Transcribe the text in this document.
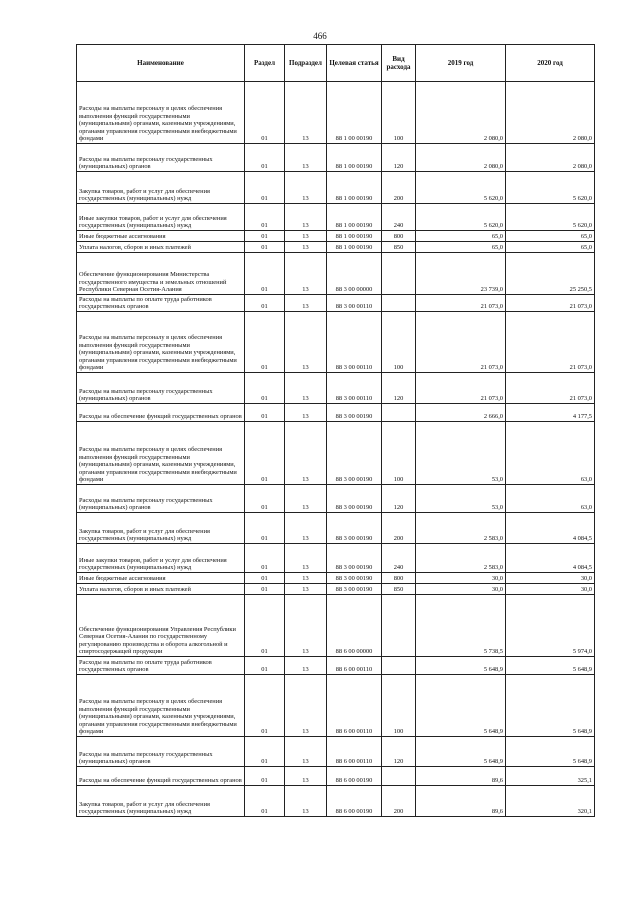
466
Наименование	Раздел	Подраздел	Целевая статья	Вид расхода	2019 год	2020 год
Расходы на выплаты персоналу в целях обеспечения выполнения функций государственными (муниципальными) органами, казенными учреждениями, органами управления государственными внебюджетными фондами	01	13	88 1 00 00190	100	2 080,0	2 080,0
Расходы на выплаты персоналу государственных (муниципальных) органов	01	13	88 1 00 00190	120	2 080,0	2 080,0
Закупка товаров, работ и услуг для обеспечения государственных (муниципальных) нужд	01	13	88 1 00 00190	200	5 620,0	5 620,0
Иные закупки товаров, работ и услуг для обеспечения государственных (муниципальных) нужд	01	13	88 1 00 00190	240	5 620,0	5 620,0
Иные бюджетные ассигнования	01	13	88 1 00 00190	800	65,0	65,0
Уплата налогов, сборов и иных платежей	01	13	88 1 00 00190	850	65,0	65,0
Обеспечение функционирования Министерства государственного имущества и земельных отношений Республики Северная Осетия-Алания	01	13	88 3 00 00000		23 739,0	25 250,5
Расходы на выплаты по оплате труда работников государственных органов	01	13	88 3 00 00110		21 073,0	21 073,0
Расходы на выплаты персоналу в целях обеспечения выполнения функций государственными (муниципальными) органами, казенными учреждениями, органами управления государственными внебюджетными фондами	01	13	88 3 00 00110	100	21 073,0	21 073,0
Расходы на выплаты персоналу государственных (муниципальных) органов	01	13	88 3 00 00110	120	21 073,0	21 073,0
Расходы на обеспечение функций государственных органов	01	13	88 3 00 00190		2 666,0	4 177,5
Расходы на выплаты персоналу в целях обеспечения выполнения функций государственными (муниципальными) органами, казенными учреждениями, органами управления государственными внебюджетными фондами	01	13	88 3 00 00190	100	53,0	63,0
Расходы на выплаты персоналу государственных (муниципальных) органов	01	13	88 3 00 00190	120	53,0	63,0
Закупка товаров, работ и услуг для обеспечения государственных (муниципальных) нужд	01	13	88 3 00 00190	200	2 583,0	4 084,5
Иные закупки товаров, работ и услуг для обеспечения государственных (муниципальных) нужд	01	13	88 3 00 00190	240	2 583,0	4 084,5
Иные бюджетные ассигнования	01	13	88 3 00 00190	800	30,0	30,0
Уплата налогов, сборов и иных платежей	01	13	88 3 00 00190	850	30,0	30,0
Обеспечение функционирования Управления Республики Северная Осетия-Алания по государственному регулированию производства и оборота алкогольной и спиртосодержащей продукции	01	13	88 6 00 00000		5 738,5	5 974,0
Расходы на выплаты по оплате труда работников государственных органов	01	13	88 6 00 00110		5 648,9	5 648,9
Расходы на выплаты персоналу в целях обеспечения выполнения функций государственными (муниципальными) органами, казенными учреждениями, органами управления государственными внебюджетными фондами	01	13	88 6 00 00110	100	5 648,9	5 648,9
Расходы на выплаты персоналу государственных (муниципальных) органов	01	13	88 6 00 00110	120	5 648,9	5 648,9
Расходы на обеспечение функций государственных органов	01	13	88 6 00 00190		89,6	325,1
Закупка товаров, работ и услуг для обеспечения государственных (муниципальных) нужд	01	13	88 6 00 00190	200	89,6	320,1
